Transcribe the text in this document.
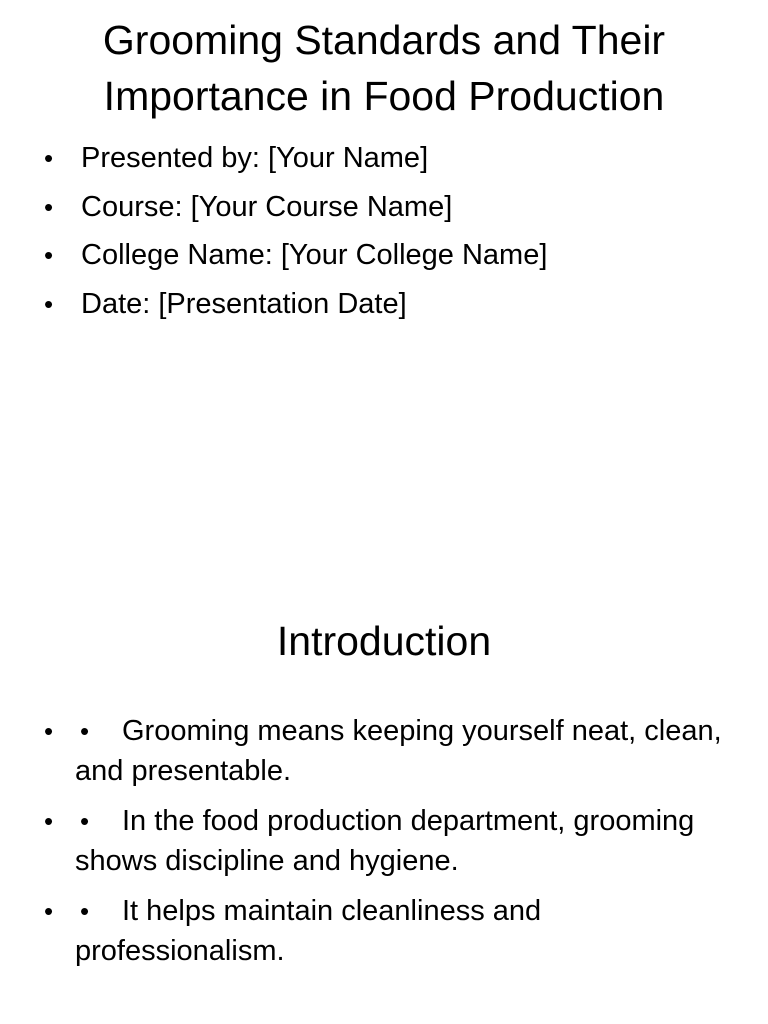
Grooming Standards and Their
Importance in Food Production
• Presented by: [Your Name]
• Course: [Your Course Name]
• College Name: [Your College Name]
• Date: [Presentation Date]
Introduction
• • Grooming means keeping yourself neat, clean, and presentable.
• • In the food production department, grooming shows discipline and hygiene.
• • It helps maintain cleanliness and professionalism.
